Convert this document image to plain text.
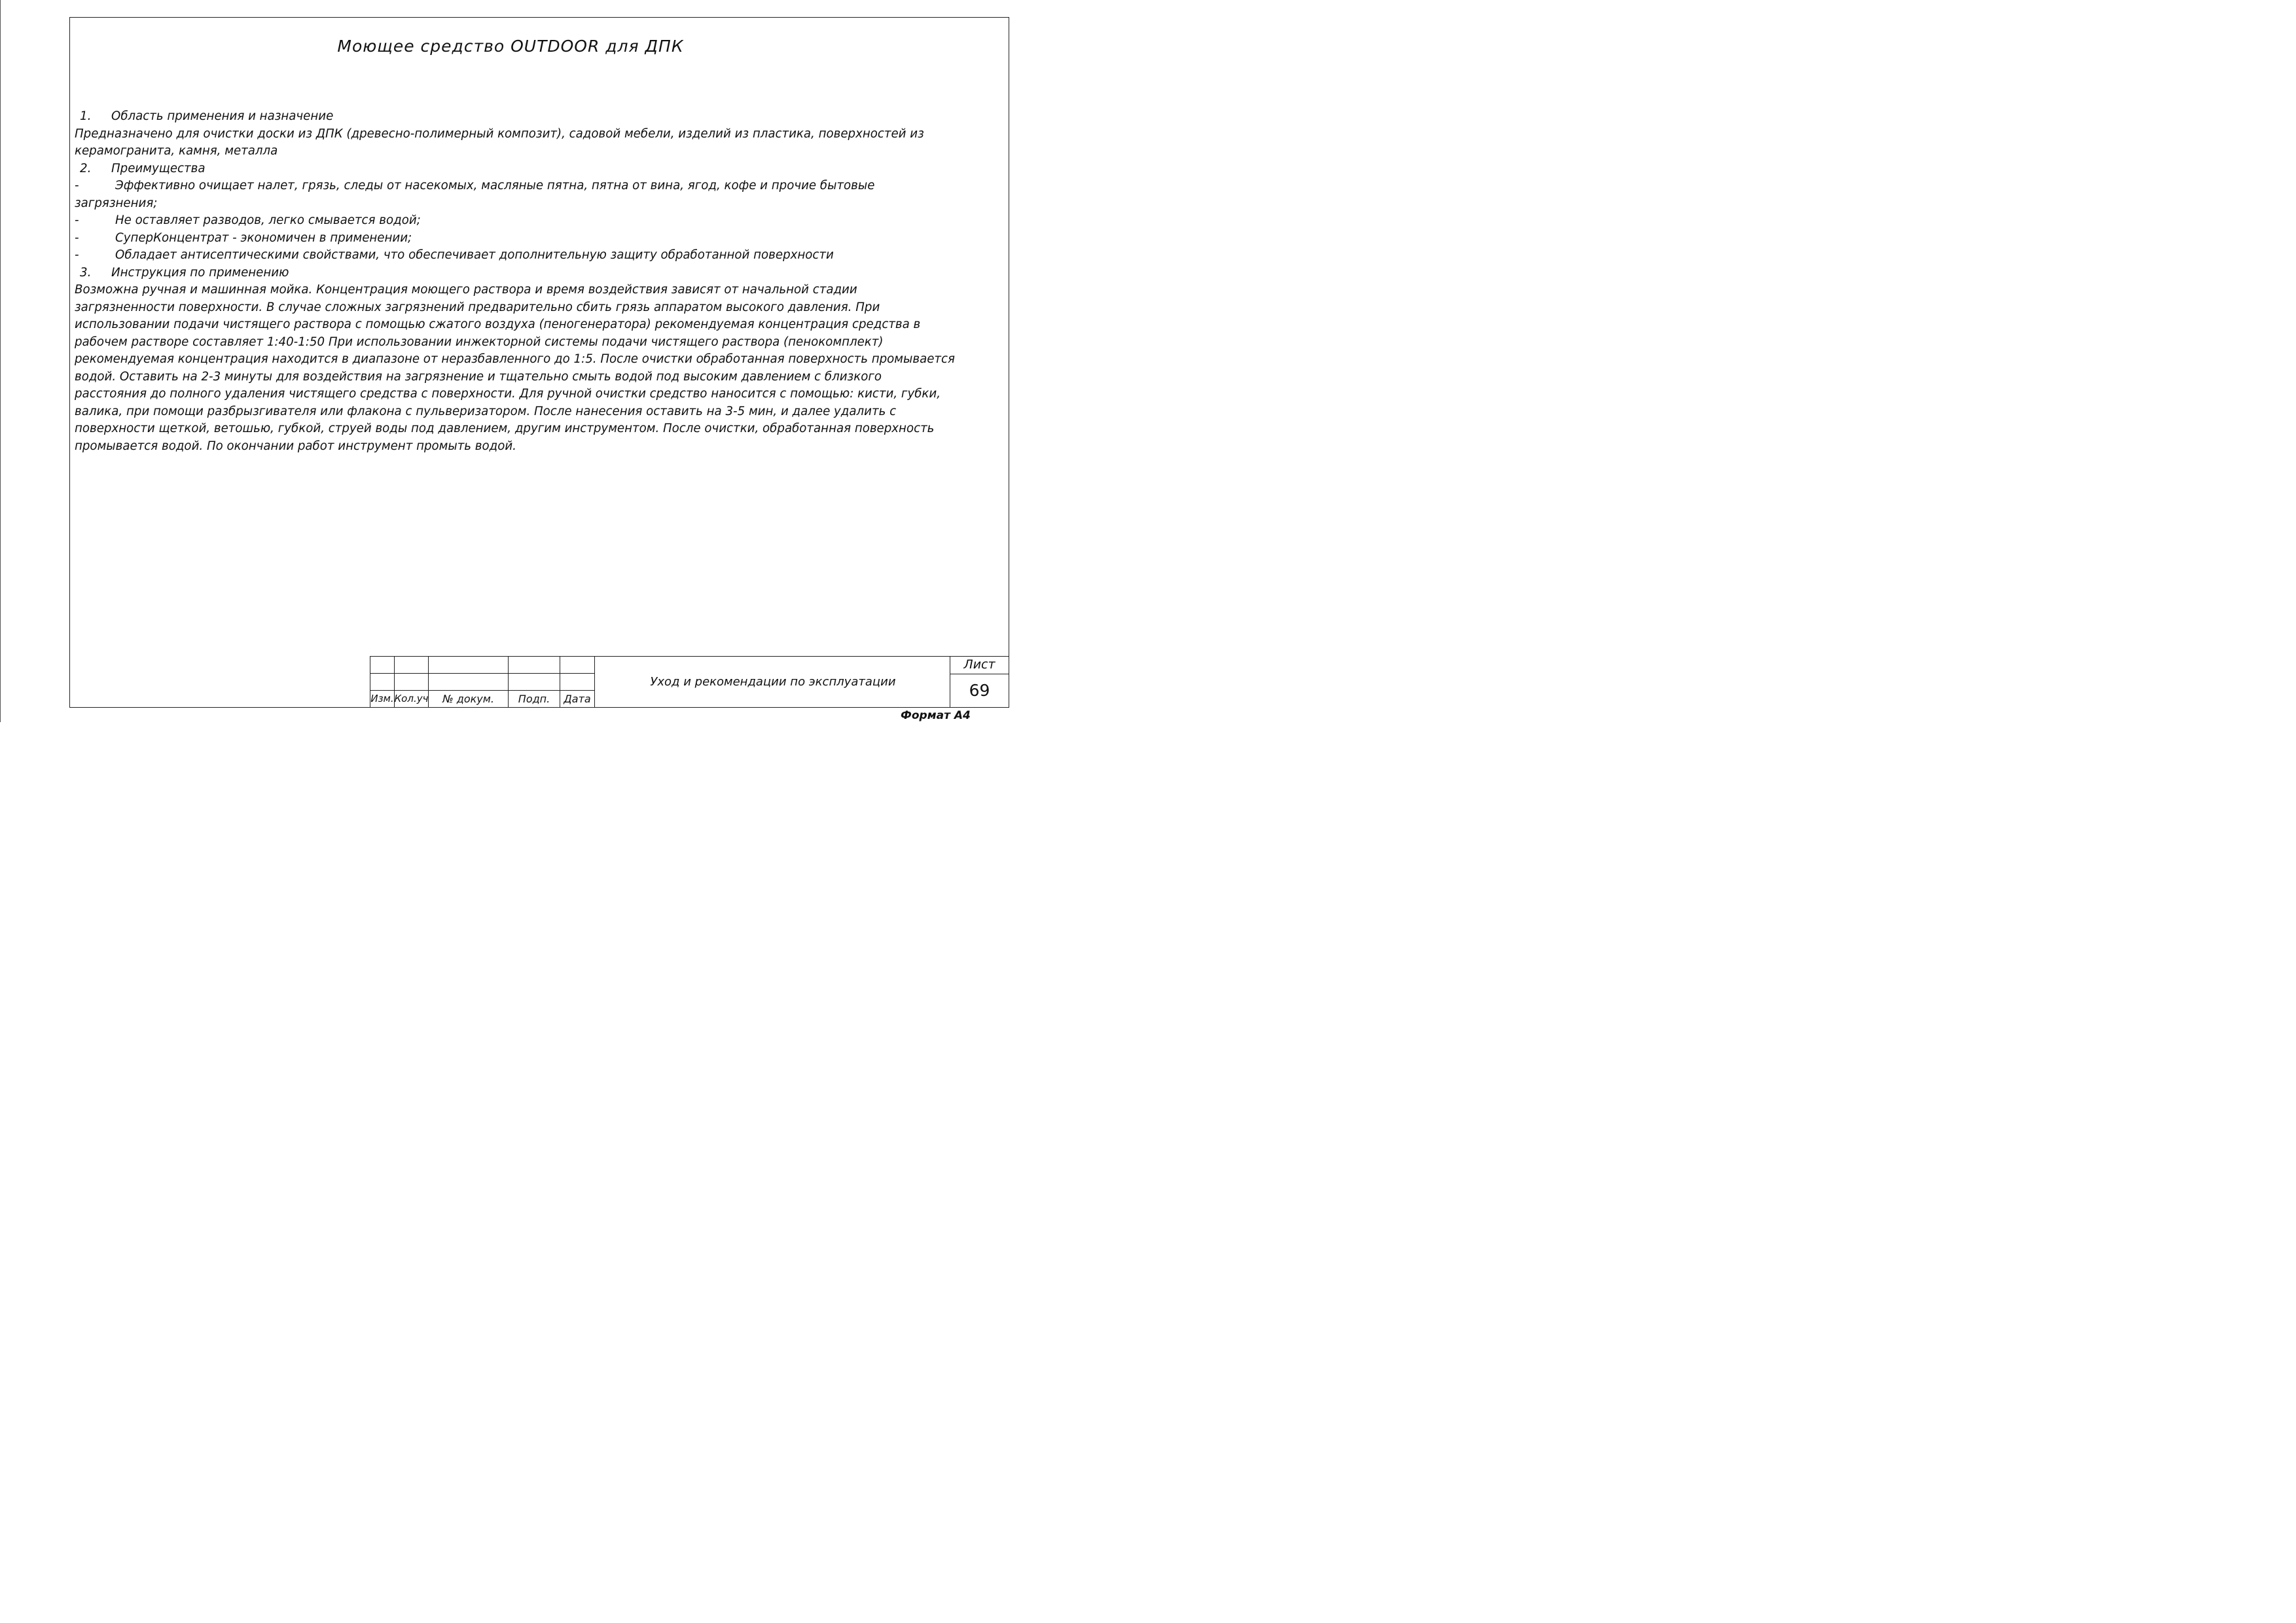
Моющее средство OUTDOOR для ДПК

1. Область применения и назначение

Предназначено для очистки доски из ДПК (древесно-полимерный композит), садовой мебели, изделий из пластика, поверхностей из

керамогранита, камня, металла

2. Преимущества

-	Эффективно очищает налет, грязь, следы от насекомых, масляные пятна, пятна от вина, ягод, кофе и прочие бытовые

загрязнения;

-	Не оставляет разводов, легко смывается водой;

-	СуперКонцентрат - экономичен в применении;

-	Обладает антисептическими свойствами, что обеспечивает дополнительную защиту обработанной поверхности

3. Инструкция по применению

Возможна ручная и машинная мойка. Концентрация моющего раствора и время воздействия зависят от начальной стадии

загрязненности поверхности. В случае сложных загрязнений предварительно сбить грязь аппаратом высокого давления. При

использовании подачи чистящего раствора с помощью сжатого воздуха (пеногенератора) рекомендуемая концентрация средства в

рабочем растворе составляет 1:40-1:50 При использовании инжекторной системы подачи чистящего раствора (пенокомплект)

рекомендуемая концентрация находится в диапазоне от неразбавленного до 1:5. После очистки обработанная поверхность промывается

водой. Оставить на 2-3 минуты для воздействия на загрязнение и тщательно смыть водой под высоким давлением с близкого

расстояния до полного удаления чистящего средства с поверхности. Для ручной очистки средство наносится с помощью: кисти, губки,

валика, при помощи разбрызгивателя или флакона с пульверизатором. После нанесения оставить на 3-5 мин, и далее удалить с

поверхности щеткой, ветошью, губкой, струей воды под давлением, другим инструментом. После очистки, обработанная поверхность

промывается водой. По окончании работ инструмент промыть водой.

Изм. Кол.уч	№ докум.	Подп.	Дата
Уход и рекомендации по эксплуатации
Лист
69
Формат А4
